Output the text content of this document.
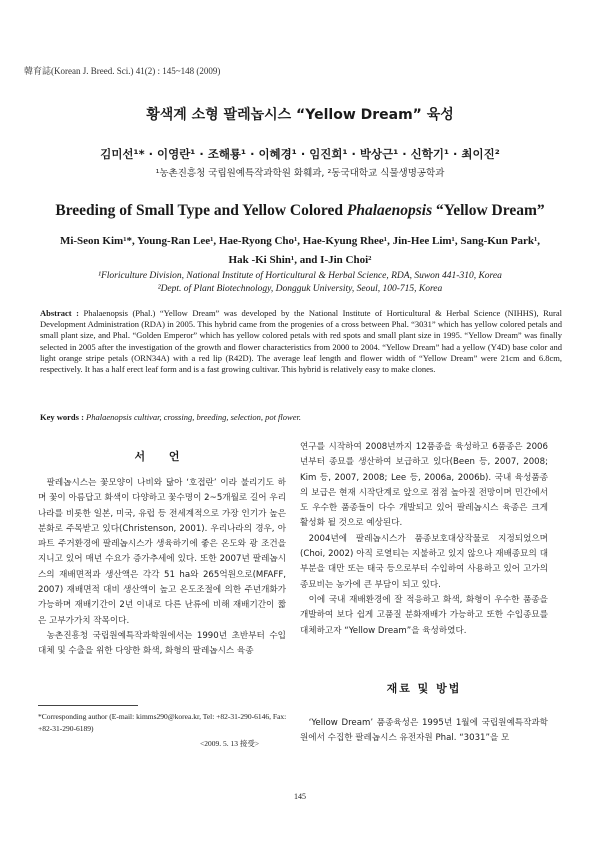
韓育誌(Korean J. Breed. Sci.) 41(2) : 145~148 (2009)
황색계 소형 팔레놉시스 “Yellow Dream” 육성
김미선¹* · 이영란¹ · 조해룡¹ · 이혜경¹ · 임진희¹ · 박상근¹ · 신학기¹ · 최이진²
¹농촌진흥청 국립원예특작과학원 화훼과, ²동국대학교 식물생명공학과
Breeding of Small Type and Yellow Colored Phalaenopsis “Yellow Dream”
Mi-Seon Kim¹*, Young-Ran Lee¹, Hae-Ryong Cho¹, Hae-Kyung Rhee¹, Jin-Hee Lim¹, Sang-Kun Park¹,
Hak -Ki Shin¹, and I-Jin Choi²
¹Floriculture Division, National Institute of Horticultural & Herbal Science, RDA, Suwon 441-310, Korea
²Dept. of Plant Biotechnology, Dongguk University, Seoul, 100-715, Korea
Abstract : Phalaenopsis (Phal.) “Yellow Dream” was developed by the National Institute of Horticultural & Herbal Science (NIHHS), Rural Development Administration (RDA) in 2005. This hybrid came from the progenies of a cross between Phal. “3031” which has yellow colored petals and small plant size, and Phal. “Golden Emperor” which has yellow colored petals with red spots and small plant size in 1995. “Yellow Dream” was finally selected in 2005 after the investigation of the growth and flower characteristics from 2000 to 2004. “Yellow Dream” had a yellow (Y4D) base color and light orange stripe petals (ORN34A) with a red lip (R42D). The average leaf length and flower width of “Yellow Dream” were 21cm and 6.8cm, respectively. It has a half erect leaf form and is a fast growing cultivar. This hybrid is relatively easy to make clones.
Key words : Phalaenopsis cultivar, crossing, breeding, selection, pot flower.
서 언

팔레놉시스는 꽃모양이 나비와 닮아 ‘호접란’ 이라 불리기도 하며 꽃이 아름답고 화색이 다양하고 꽃수명이 2~5개월로 길어 우리나라를 비롯한 일본, 미국, 유럽 등 전세계적으로 가장 인기가 높은 분화로 주목받고 있다(Christenson, 2001). 우리나라의 경우, 아파트 주거환경에 팔레놉시스가 생육하기에 좋은 온도와 광 조건을 지니고 있어 매년 수요가 증가추세에 있다. 또한 2007년 팔레놉시스의 재배면적과 생산액은 각각 51 ha와 265억원으로(MFAFF, 2007) 재배면적 대비 생산액이 높고 온도조절에 의한 주년개화가 가능하며 재배기간이 2년 이내로 다른 난류에 비해 재배기간이 짧은 고부가가치 작목이다.

농촌진흥청 국립원예특작과학원에서는 1990년 초반부터 수입대체 및 수출을 위한 다양한 화색, 화형의 팔레놉시스 육종

*Corresponding author (E-mail: kimms290@korea.kr, Tel: +82-31-290-6146, Fax: +82-31-290-6189)
<2009. 5. 13 接受>

연구를 시작하여 2008년까지 12품종을 육성하고 6품종은 2006년부터 종묘를 생산하여 보급하고 있다(Been 등, 2007, 2008; Kim 등, 2007, 2008; Lee 등, 2006a, 2006b). 국내 육성품종의 보급은 현재 시작단계로 앞으로 점점 높아질 전망이며 민간에서도 우수한 품종들이 다수 개발되고 있어 팔레놉시스 육종은 크게 활성화 될 것으로 예상된다.

2004년에 팔레놉시스가 품종보호대상작물로 지정되었으며(Choi, 2002) 아직 로열티는 지불하고 있지 않으나 재배종묘의 대부분을 대만 또는 태국 등으로부터 수입하여 사용하고 있어 고가의 종묘비는 농가에 큰 부담이 되고 있다.

이에 국내 재배환경에 잘 적응하고 화색, 화형이 우수한 품종을 개발하여 보다 쉽게 고품질 분화재배가 가능하고 또한 수입종묘를 대체하고자 “Yellow Dream”을 육성하였다.

재료 및 방법

‘Yellow Dream’ 품종육성은 1995년 1월에 국립원예특작과학원에서 수집한 팔레놉시스 유전자원 Phal. “3031”을 모

145
